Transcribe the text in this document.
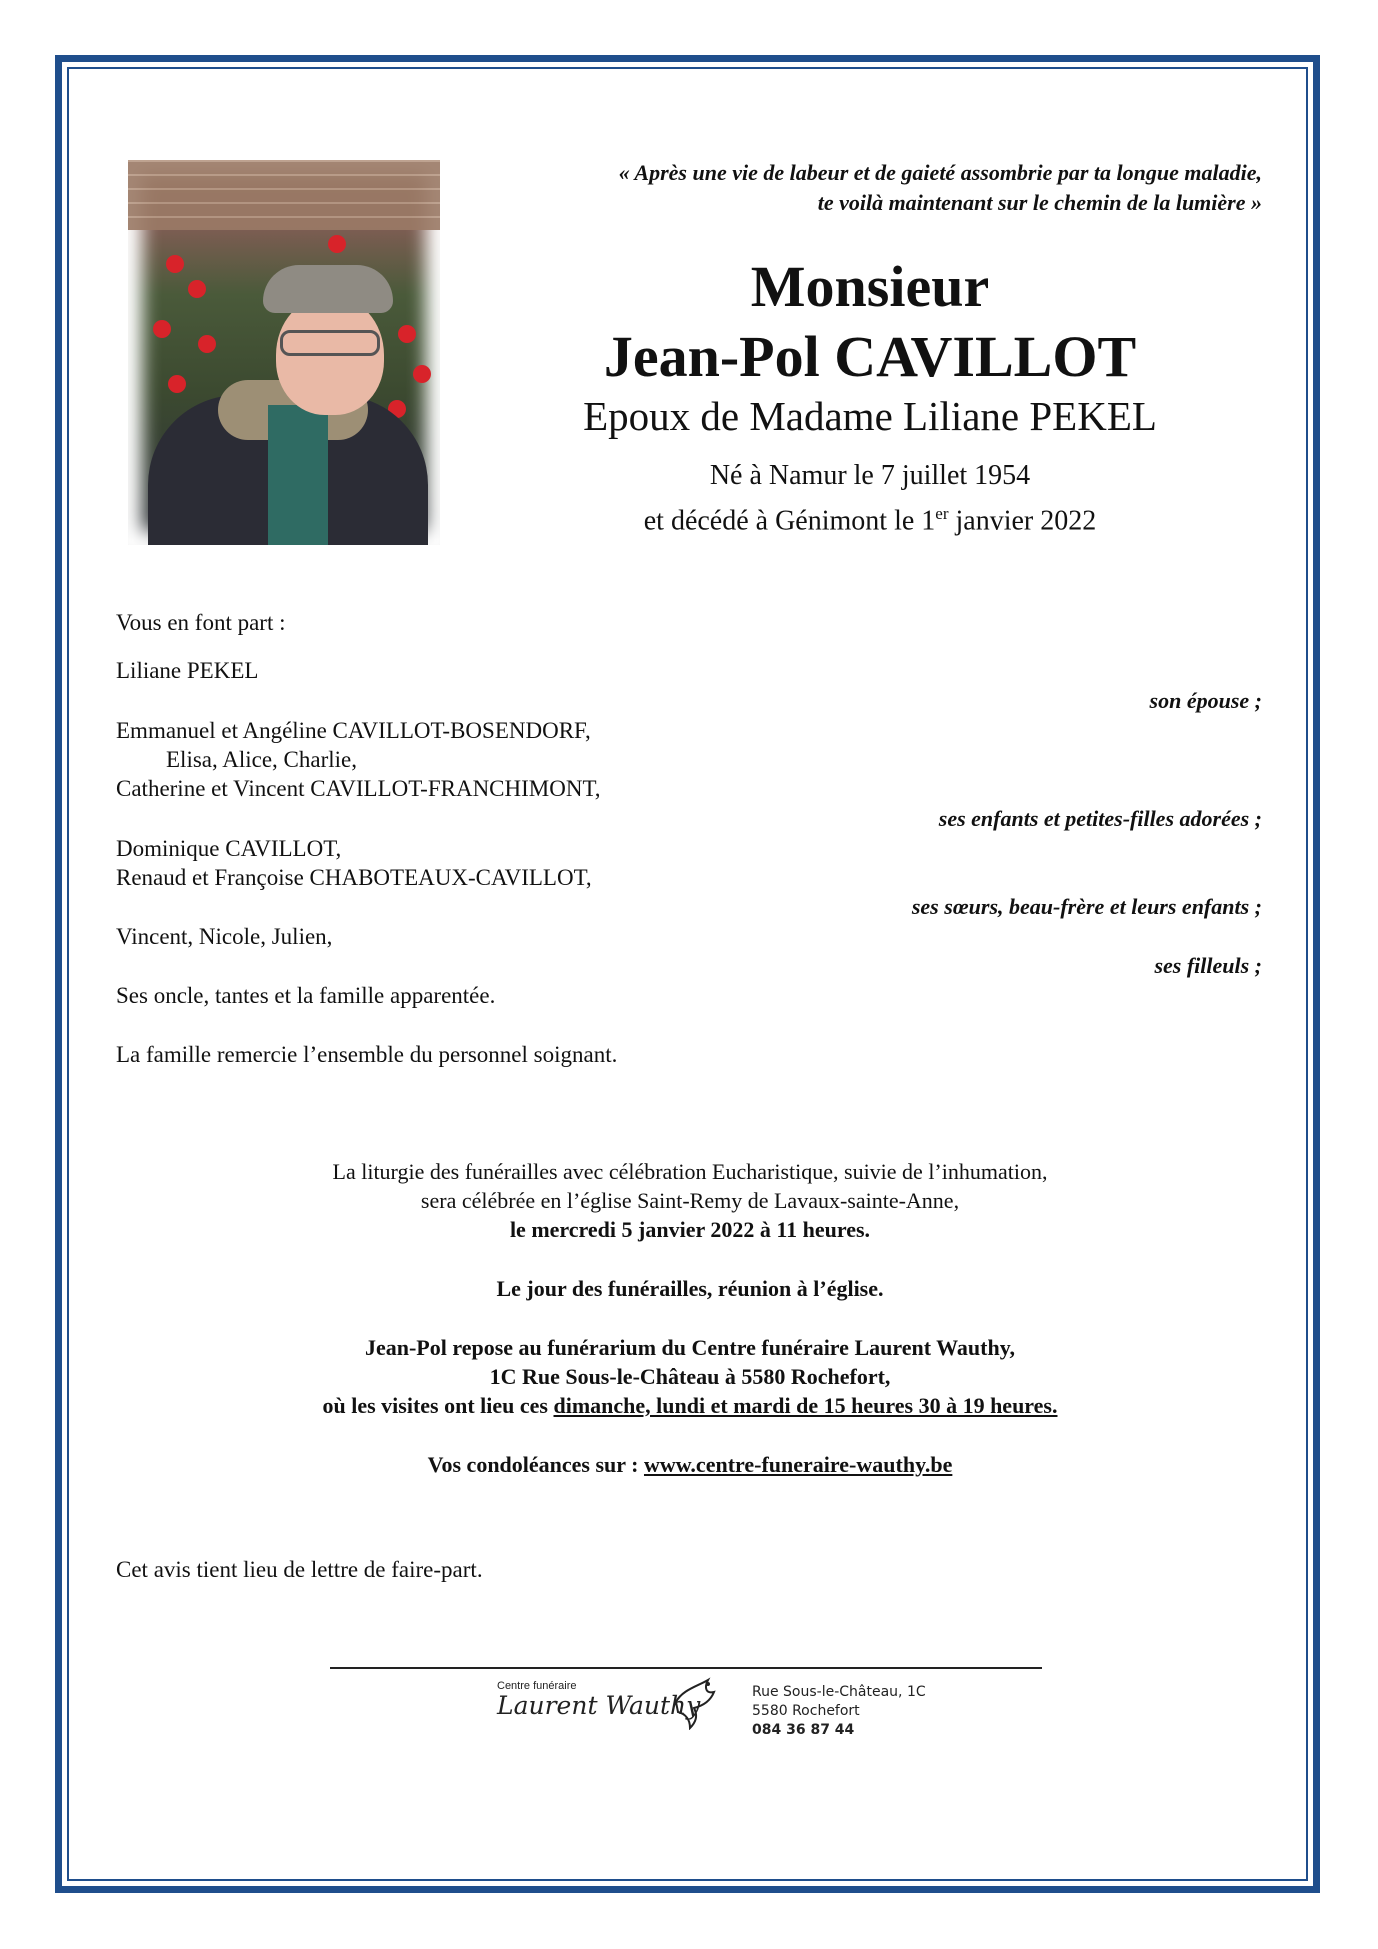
« Après une vie de labeur et de gaieté assombrie par ta longue maladie,
te voilà maintenant sur le chemin de la lumière »
Monsieur
Jean-Pol CAVILLOT
Epoux de Madame Liliane PEKEL
Né à Namur le 7 juillet 1954
et décédé à Génimont le 1er janvier 2022
Vous en font part :
Liliane PEKEL
son épouse ;
Emmanuel et Angéline CAVILLOT-BOSENDORF,
Elisa, Alice, Charlie,
Catherine et Vincent CAVILLOT-FRANCHIMONT,
ses enfants et petites-filles adorées ;
Dominique CAVILLOT,
Renaud et Françoise CHABOTEAUX-CAVILLOT,
ses sœurs, beau-frère et leurs enfants ;
Vincent, Nicole, Julien,
ses filleuls ;
Ses oncle, tantes et la famille apparentée.
La famille remercie l’ensemble du personnel soignant.
La liturgie des funérailles avec célébration Eucharistique, suivie de l’inhumation,
sera célébrée en l’église Saint-Remy de Lavaux-sainte-Anne,
le mercredi 5 janvier 2022 à 11 heures.
Le jour des funérailles, réunion à l’église.
Jean-Pol repose au funérarium du Centre funéraire Laurent Wauthy,
1C Rue Sous-le-Château à 5580 Rochefort,
où les visites ont lieu ces dimanche, lundi et mardi de 15 heures 30 à 19 heures.
Vos condoléances sur : www.centre-funeraire-wauthy.be
Cet avis tient lieu de lettre de faire-part.
Centre funéraire
Laurent Wauthy	Rue Sous-le-Château, 1C
5580 Rochefort
084 36 87 44
